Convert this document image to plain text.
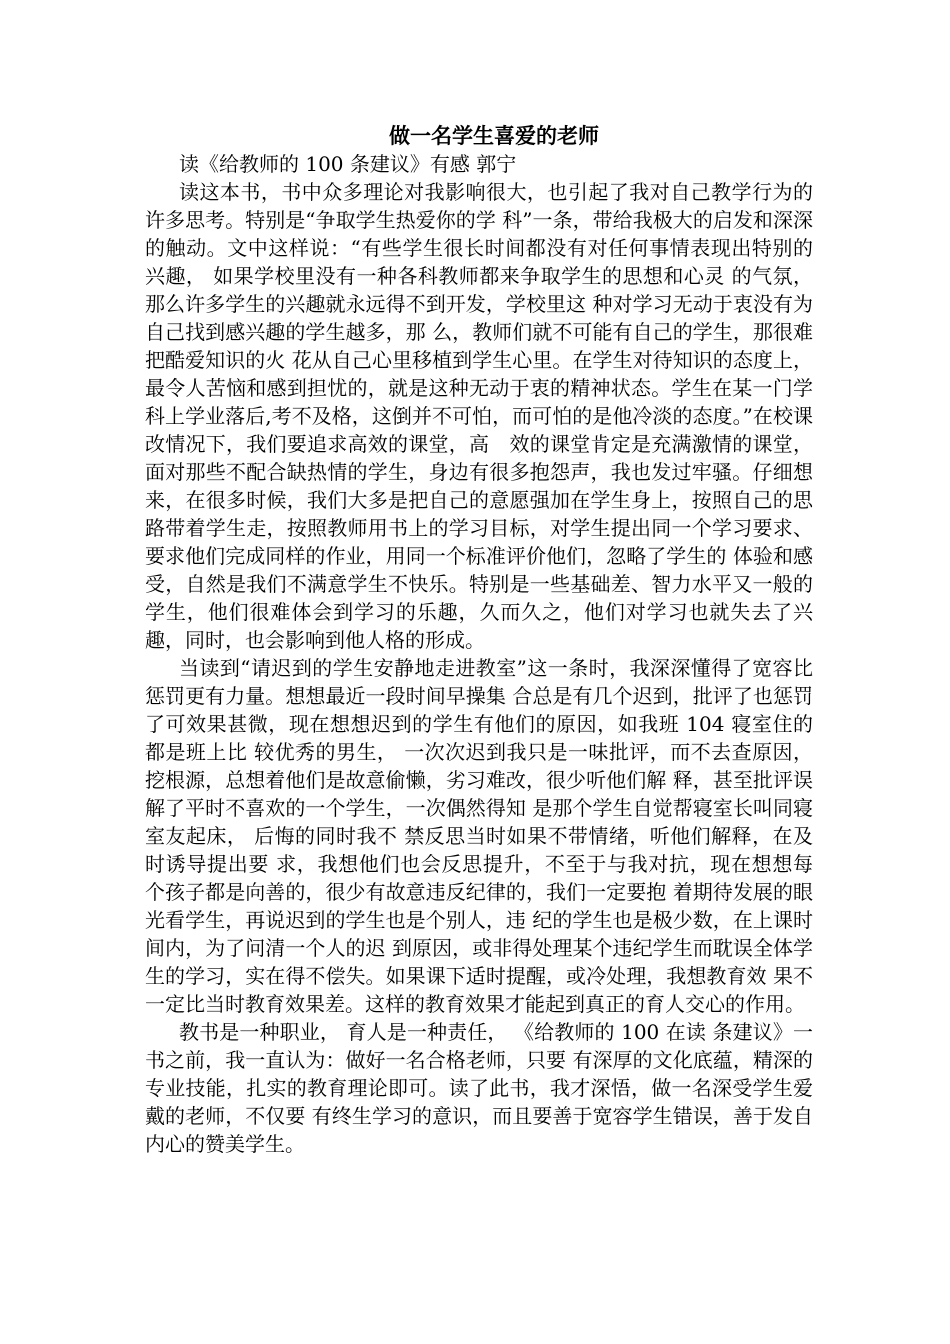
做一名学生喜爱的老师

读《给教师的 100 条建议》有感 郭宁

读这本书，书中众多理论对我影响很大，也引起了我对自己教学行为的许多思考。特别是“争取学生热爱你的学 科”一条，带给我极大的启发和深深的触动。文中这样说：“有些学生很长时间都没有对任何事情表现出特别的兴趣， 如果学校里没有一种各科教师都来争取学生的思想和心灵 的气氛，那么许多学生的兴趣就永远得不到开发，学校里这 种对学习无动于衷没有为自己找到感兴趣的学生越多，那 么，教师们就不可能有自己的学生，那很难把酷爱知识的火 花从自己心里移植到学生心里。在学生对待知识的态度上，最令人苦恼和感到担忧的，就是这种无动于衷的精神状态。学生在某一门学科上学业落后,考不及格，这倒并不可怕，而可怕的是他冷淡的态度。”在校课改情况下，我们要追求高效的课堂，高　效的课堂肯定是充满激情的课堂，面对那些不配合缺热情的学生，身边有很多抱怨声，我也发过牢骚。仔细想来，在很多时候，我们大多是把自己的意愿强加在学生身上，按照自己的思路带着学生走，按照教师用书上的学习目标，对学生提出同一个学习要求、要求他们完成同样的作业，用同一个标准评价他们，忽略了学生的 体验和感受，自然是我们不满意学生不快乐。特别是一些基础差、智力水平又一般的学生，他们很难体会到学习的乐趣，久而久之，他们对学习也就失去了兴趣，同时，也会影响到他人格的形成。

当读到“请迟到的学生安静地走进教室”这一条时，我深深懂得了宽容比惩罚更有力量。想想最近一段时间早操集 合总是有几个迟到，批评了也惩罚了可效果甚微，现在想想迟到的学生有他们的原因，如我班 104 寝室住的都是班上比 较优秀的男生， 一次次迟到我只是一味批评，而不去查原因，挖根源，总想着他们是故意偷懒，劣习难改，很少听他们解 释，甚至批评误解了平时不喜欢的一个学生，一次偶然得知 是那个学生自觉帮寝室长叫同寝室友起床， 后悔的同时我不 禁反思当时如果不带情绪，听他们解释，在及时诱导提出要 求，我想他们也会反思提升，不至于与我对抗，现在想想每 个孩子都是向善的，很少有故意违反纪律的，我们一定要抱 着期待发展的眼光看学生，再说迟到的学生也是个别人，违 纪的学生也是极少数，在上课时间内，为了问清一个人的迟 到原因，或非得处理某个违纪学生而耽误全体学生的学习，实在得不偿失。如果课下适时提醒，或冷处理，我想教育效 果不一定比当时教育效果差。这样的教育效果才能起到真正的育人交心的作用。

教书是一种职业， 育人是一种责任， 《给教师的 100 在读 条建议》一书之前，我一直认为：做好一名合格老师，只要 有深厚的文化底蕴，精深的专业技能，扎实的教育理论即可。读了此书，我才深悟，做一名深受学生爱戴的老师，不仅要 有终生学习的意识，而且要善于宽容学生错误，善于发自内心的赞美学生。
